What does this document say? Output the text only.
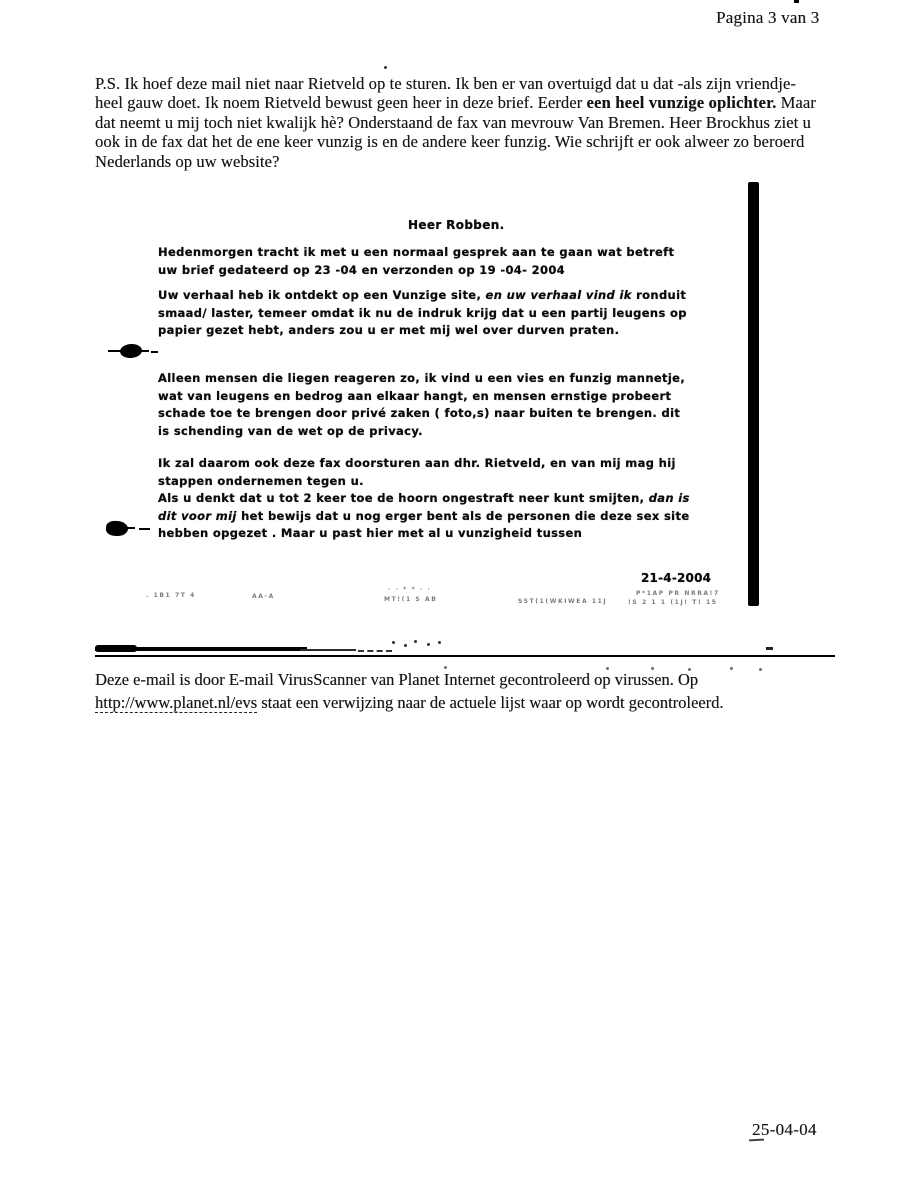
Pagina 3 van 3
P.S. Ik hoef deze mail niet naar Rietveld op te sturen. Ik ben er van overtuigd dat u dat -als zijn vriendje- heel gauw doet. Ik noem Rietveld bewust geen heer in deze brief. Eerder een heel vunzige oplichter. Maar dat neemt u mij toch niet kwalijk hè? Onderstaand de fax van mevrouw Van Bremen. Heer Brockhus ziet u ook in de fax dat het de ene keer vunzig is en de andere keer funzig. Wie schrijft er ook alweer zo beroerd Nederlands op uw website?
Heer Robben.
Hedenmorgen tracht ik met u een normaal gesprek aan te gaan wat betreft uw brief gedateerd op 23 -04 en verzonden op 19 -04- 2004
Uw verhaal heb ik ontdekt op een Vunzige site, en uw verhaal vind ik ronduit smaad/ laster, temeer omdat ik nu de indruk krijg dat u een partij leugens op papier gezet hebt, anders zou u er met mij wel over durven praten.
Alleen mensen die liegen reageren zo, ik vind u een vies en funzig mannetje, wat van leugens en bedrog aan elkaar hangt, en mensen ernstige probeert schade toe te brengen door privé zaken ( foto,s) naar buiten te brengen. dit is schending van de wet op de privacy.
Ik zal daarom ook deze fax doorsturen aan dhr. Rietveld, en van mij mag hij stappen ondernemen tegen u.
Als u denkt dat u tot 2 keer toe de hoorn ongestraft neer kunt smijten, dan is dit voor mij het bewijs dat u nog erger bent als de personen die deze sex site hebben opgezet . Maar u past hier met al u vunzigheid tussen
21-4-2004
. 1B1 7T 4	AA-A
· · * * · ·
MT!(1 S AB	SST(1(WKIWEA 11J
P*1AP PR NRRA!7
!S 2 1 1 (1J! T! 15
Deze e-mail is door E-mail VirusScanner van Planet Internet gecontroleerd op virussen. Op
http://www.planet.nl/evs staat een verwijzing naar de actuele lijst waar op wordt gecontroleerd.
25-04-04
